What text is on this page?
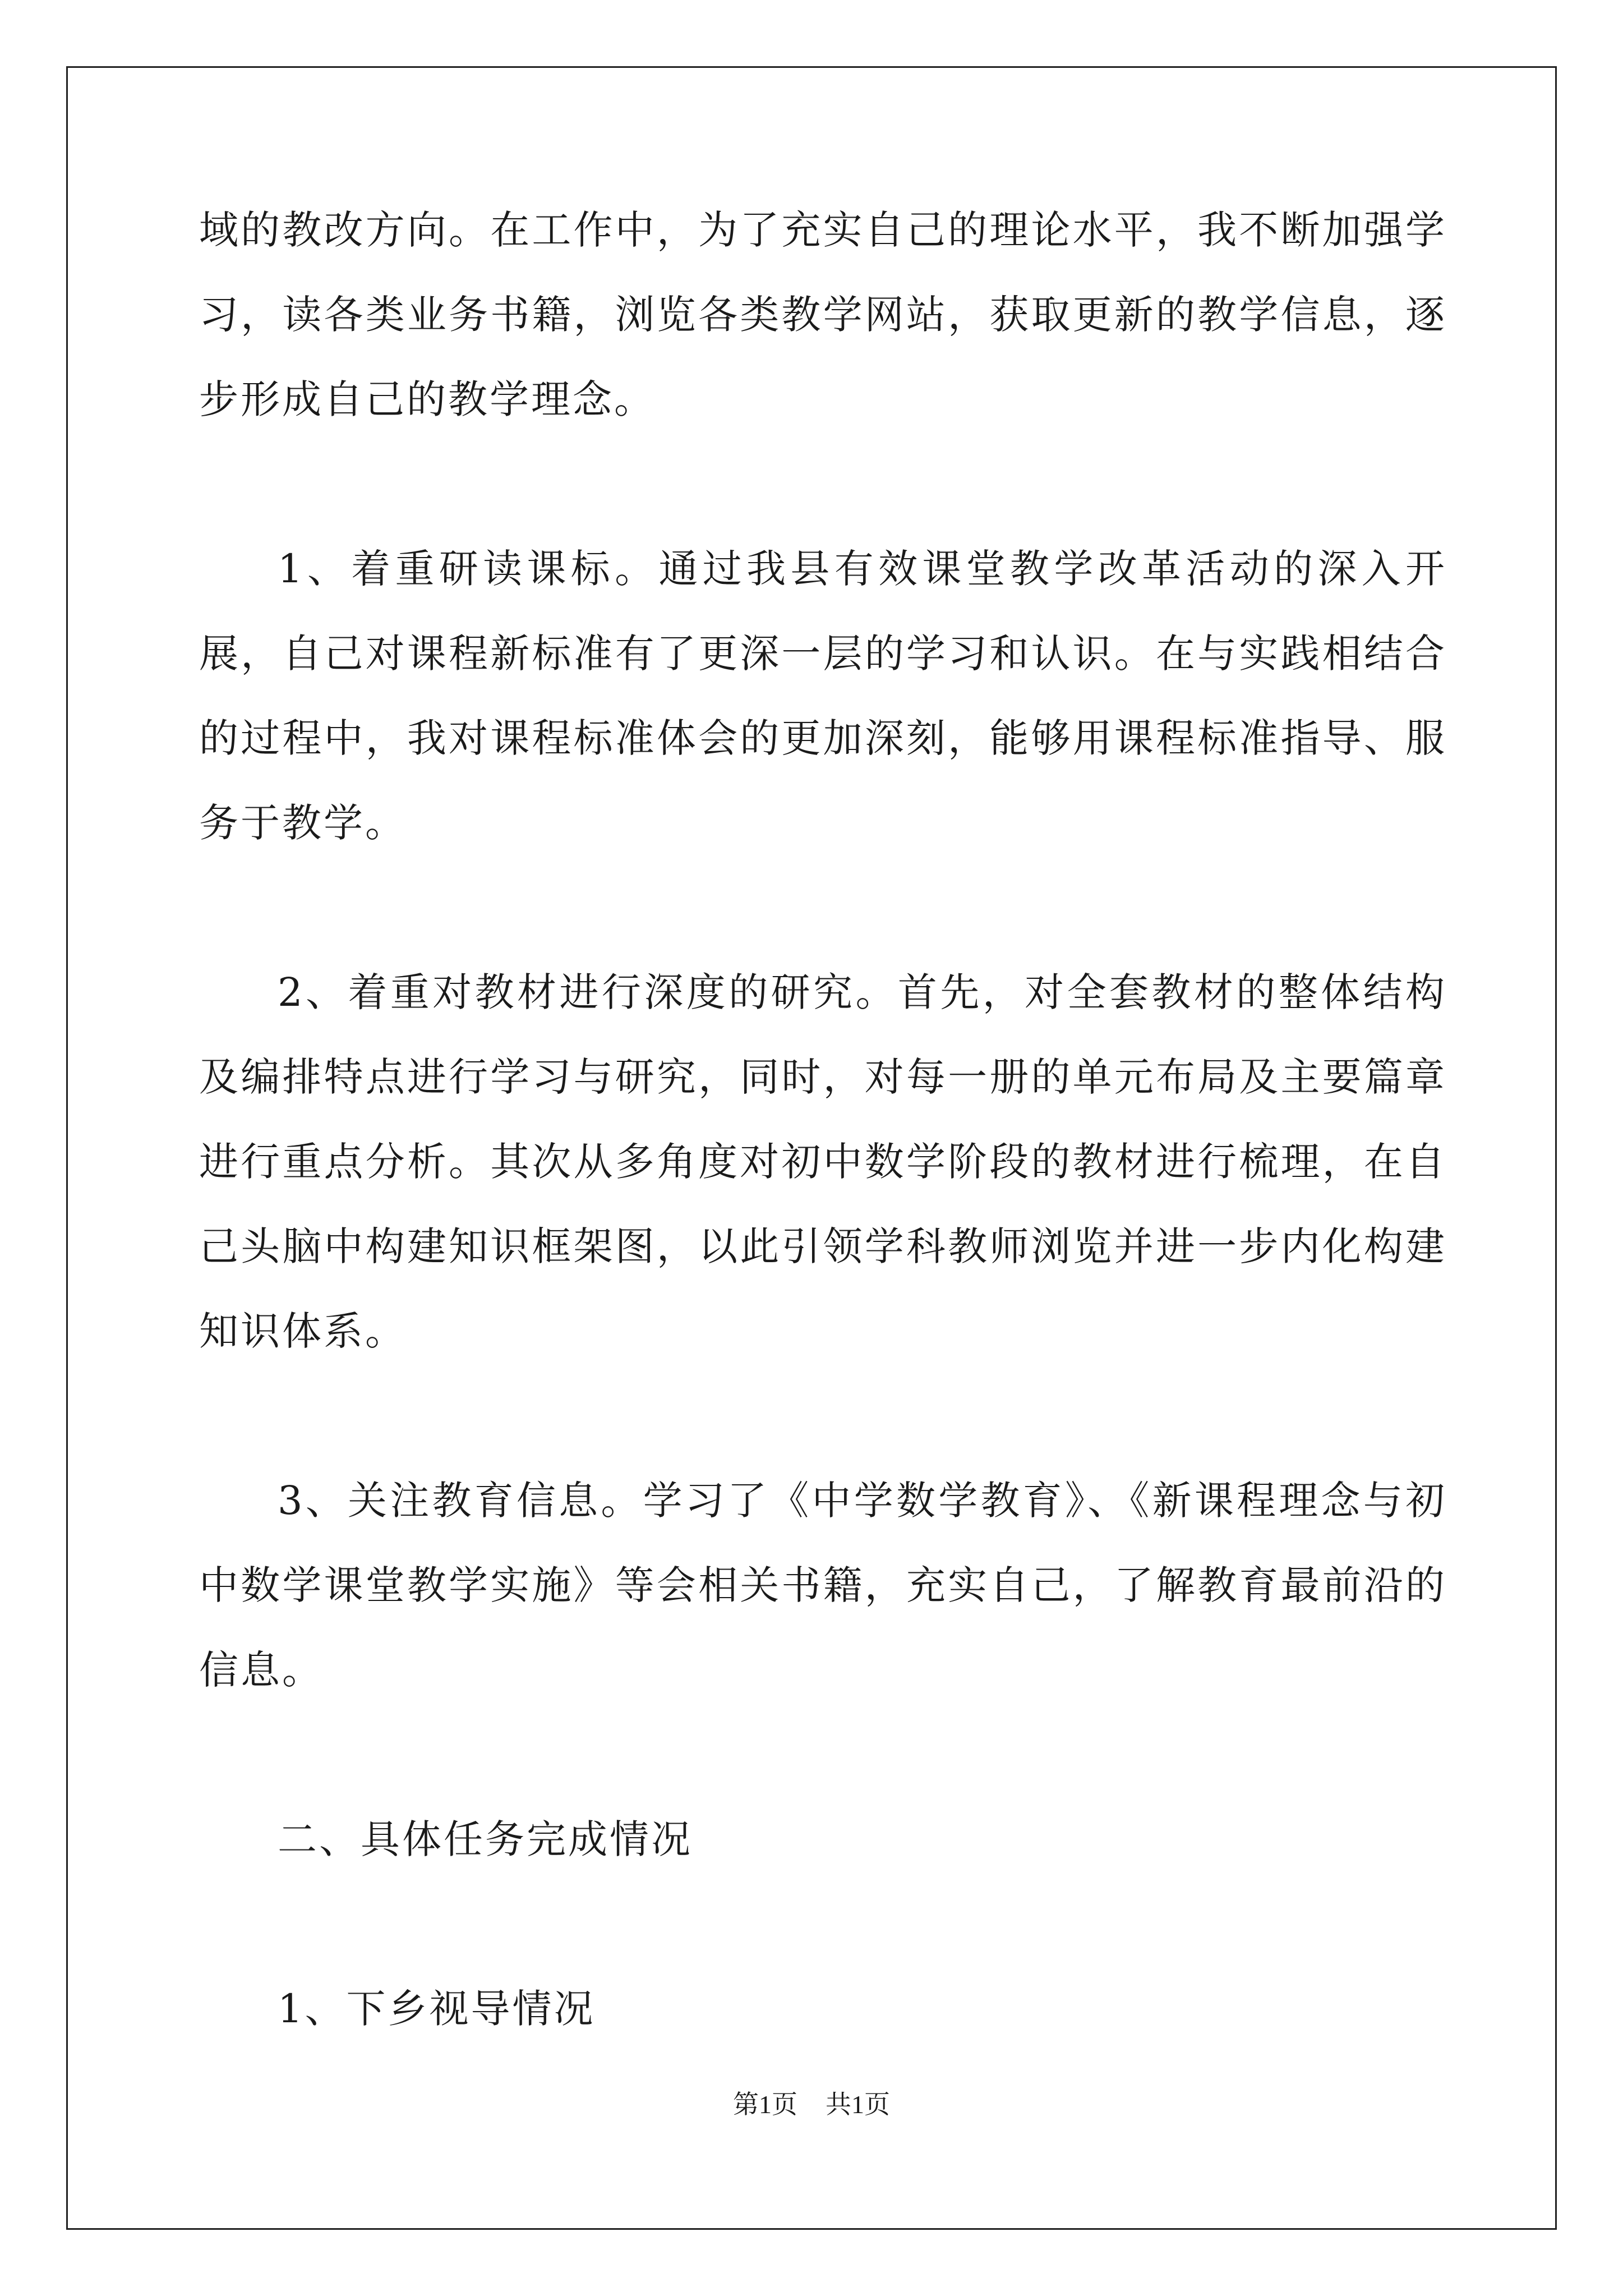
域的教改方向。在工作中，为了充实自己的理论水平，我不断加强学习，读各类业务书籍，浏览各类教学网站，获取更新的教学信息，逐步形成自己的教学理念。

1、着重研读课标。通过我县有效课堂教学改革活动的深入开展，自己对课程新标准有了更深一层的学习和认识。在与实践相结合的过程中，我对课程标准体会的更加深刻，能够用课程标准指导、服务于教学。

2、着重对教材进行深度的研究。首先，对全套教材的整体结构及编排特点进行学习与研究，同时，对每一册的单元布局及主要篇章进行重点分析。其次从多角度对初中数学阶段的教材进行梳理，在自己头脑中构建知识框架图，以此引领学科教师浏览并进一步内化构建知识体系。

3、关注教育信息。学习了《中学数学教育》、《新课程理念与初中数学课堂教学实施》等会相关书籍，充实自己，了解教育最前沿的信息。

二、具体任务完成情况

1、下乡视导情况

第1页 共1页
